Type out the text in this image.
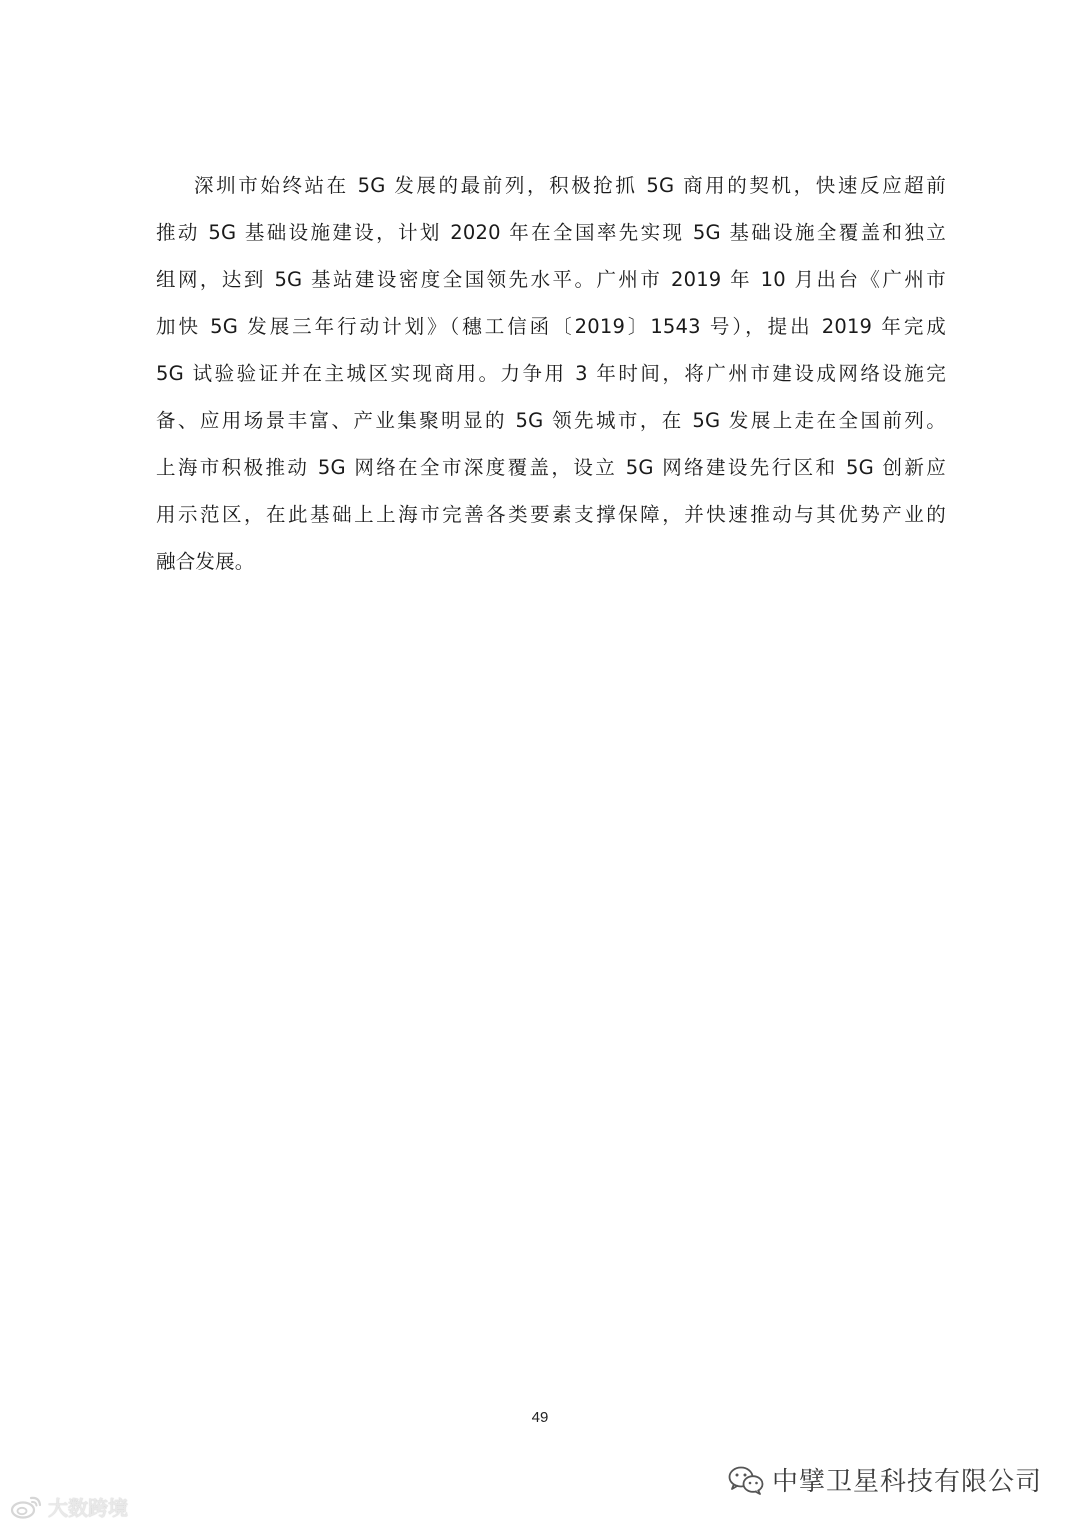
深圳市始终站在 5G 发展的最前列，积极抢抓 5G 商用的契机，快速反应超前
推动 5G 基础设施建设，计划 2020 年在全国率先实现 5G 基础设施全覆盖和独立
组网，达到 5G 基站建设密度全国领先水平。广州市 2019 年 10 月出台《广州市
加快 5G 发展三年行动计划》（穗工信函〔2019〕1543 号），提出 2019 年完成
5G 试验验证并在主城区实现商用。力争用 3 年时间，将广州市建设成网络设施完
备、应用场景丰富、产业集聚明显的 5G 领先城市，在 5G 发展上走在全国前列。
上海市积极推动 5G 网络在全市深度覆盖，设立 5G 网络建设先行区和 5G 创新应
用示范区，在此基础上上海市完善各类要素支撑保障，并快速推动与其优势产业的
融合发展。
49
中擘卫星科技有限公司
大数跨境
